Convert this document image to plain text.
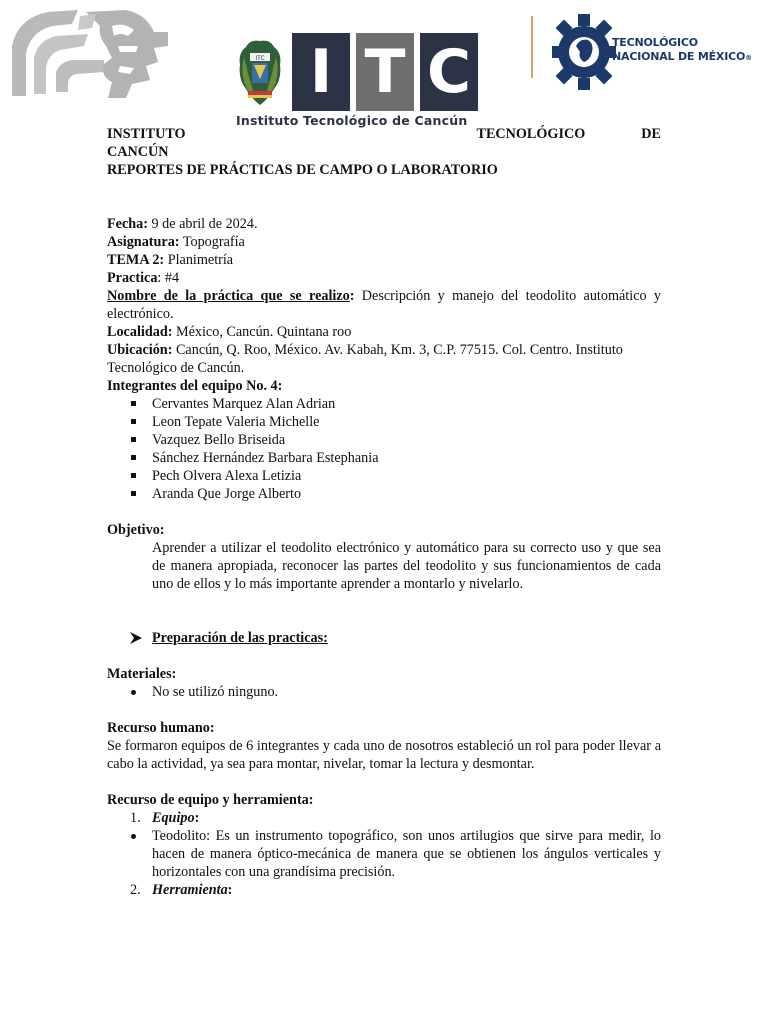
ITC I T C
Instituto Tecnológico de Cancún
TECNOLÓGICO
NACIONAL DE MÉXICO®
INSTITUTO	TECNOLÓGICO	DE

CANCÚN

REPORTES DE PRÁCTICAS DE CAMPO O LABORATORIO

Fecha: 9 de abril de 2024.

Asignatura: Topografía

TEMA 2: Planimetría

Practica: #4

Nombre de la práctica que se realizo: Descripción y manejo del teodolito automático y electrónico.

Localidad: México, Cancún. Quintana roo

Ubicación: Cancún, Q. Roo, México. Av. Kabah, Km. 3, C.P. 77515. Col. Centro. Instituto Tecnológico de Cancún.

Integrantes del equipo No. 4:

Cervantes Marquez Alan Adrian
Leon Tepate Valeria Michelle
Vazquez Bello Briseida
Sánchez Hernández Barbara Estephania
Pech Olvera Alexa Letizia
Aranda Que Jorge Alberto

Objetivo:

Aprender a utilizar el teodolito electrónico y automático para su correcto uso y que sea de manera apropiada, reconocer las partes del teodolito y sus funcionamientos de cada uno de ellos y lo más importante aprender a montarlo y nivelarlo.

Preparación de las practicas:

Materiales:

No se utilizó ninguno.

Recurso humano:

Se formaron equipos de 6 integrantes y cada uno de nosotros estableció un rol para poder llevar a cabo la actividad, ya sea para montar, nivelar, tomar la lectura y desmontar.

Recurso de equipo y herramienta:

1. Equipo:

Teodolito: Es un instrumento topográfico, son unos artilugios que sirve para medir, lo hacen de manera óptico-mecánica de manera que se obtienen los ángulos verticales y horizontales con una grandísima precisión.

2. Herramienta:
